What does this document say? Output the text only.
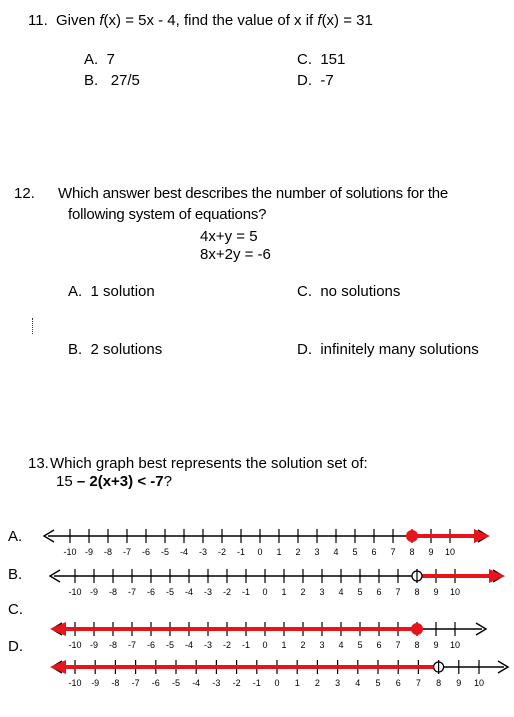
11. Given f(x) = 5x - 4, find the value of x if f(x) = 31
A. 7
B. 27/5
C. 151
D. -7
12. Which answer best describes the number of solutions for the
following system of equations?
4x+y = 5
8x+2y = -6
A. 1 solution	C. no solutions
B. 2 solutions	D. infinitely many solutions
13. Which graph best represents the solution set of:
15 – 2(x+3) < -7?
A.
B.
C.
D.
-10 -9 -8 -7 -6 -5 -4 -3 -2 -1 0 1 2 3 4 5 6 7 8 9 10
-10 -9 -8 -7 -6 -5 -4 -3 -2 -1 0 1 2 3 4 5 6 7 8 9 10
-10 -9 -8 -7 -6 -5 -4 -3 -2 -1 0 1 2 3 4 5 6 7 8 9 10
-10 -9 -8 -7 -6 -5 -4 -3 -2 -1 0 1 2 3 4 5 6 7 8 9 10
